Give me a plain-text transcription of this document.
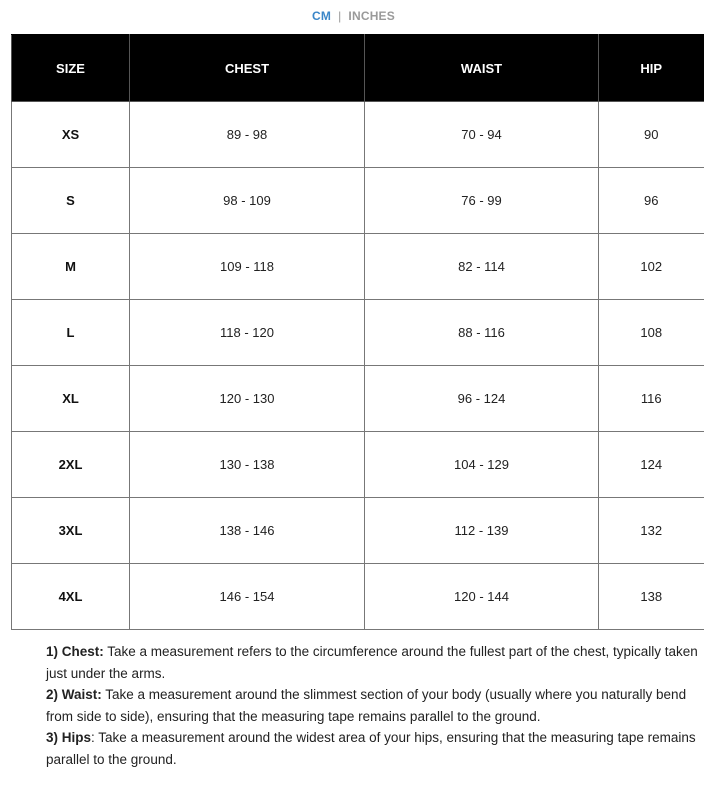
CM | INCHES
SIZE	CHEST	WAIST	HIP
XS	89 - 98	70 - 94	90
S	98 - 109	76 - 99	96
M	109 - 118	82 - 114	102
L	118 - 120	88 - 116	108
XL	120 - 130	96 - 124	116
2XL	130 - 138	104 - 129	124
3XL	138 - 146	112 - 139	132
4XL	146 - 154	120 - 144	138

1) Chest: Take a measurement refers to the circumference around the fullest part of the chest, typically taken just under the arms.

2) Waist: Take a measurement around the slimmest section of your body (usually where you naturally bend from side to side), ensuring that the measuring tape remains parallel to the ground.

3) Hips: Take a measurement around the widest area of your hips, ensuring that the measuring tape remains parallel to the ground.
